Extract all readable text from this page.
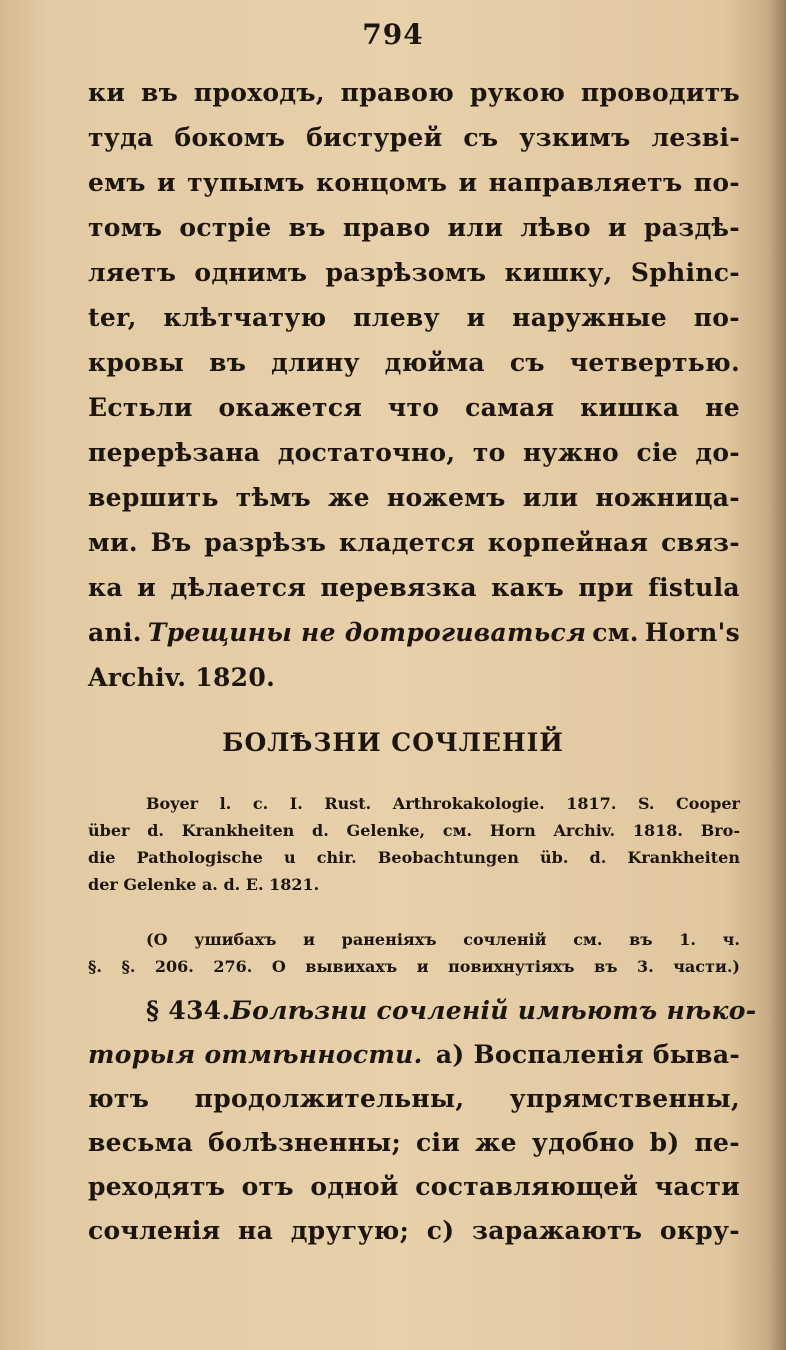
794
ки въ проходъ, правою рукою проводитъ
туда бокомъ бистурей съ узкимъ лезвi-
емъ и тупымъ концомъ и направляетъ по-
томъ острiе въ право или лѣво и раздѣ-
ляетъ однимъ разрѣзомъ кишку, Sphinc-
ter, клѣтчатую плеву и наружные по-
кровы въ длину дюйма съ четвертью.
Естьли окажется что самая кишка не
перерѣзана достаточно, то нужно сiе до-
вершить тѣмъ же ножемъ или ножница-
ми. Въ разрѣзъ кладется корпейная связ-
ка и дѣлается перевязка какъ при fistula
ani. Трещины не дотрогиваться см. Horn's
Archiv. 1820.
БОЛѢЗНИ СОЧЛЕНIЙ
Boyer l. c. I. Rust. Arthrokakologie. 1817. S. Cooper
über d. Krankheiten d. Gelenke, см. Horn Archiv. 1818. Bro-
die Pathologische u chir. Beobachtungen üb. d. Krankheiten
der Gelenke a. d. E. 1821.
(О ушибахъ и раненiяхъ сочленiй см. въ 1. ч.
§. §. 206. 276. О вывихахъ и повихнутiяхъ въ 3. части.)
§ 434. Болѣзни сочленiй имѣютъ нѣко-
торыя отмѣнности. а) Воспаленiя быва-
ютъ продолжительны, упрямственны,
весьма болѣзненны; сiи же удобно b) пе-
реходятъ отъ одной составляющей части
сочленiя на другую; c) заражаютъ окру-
